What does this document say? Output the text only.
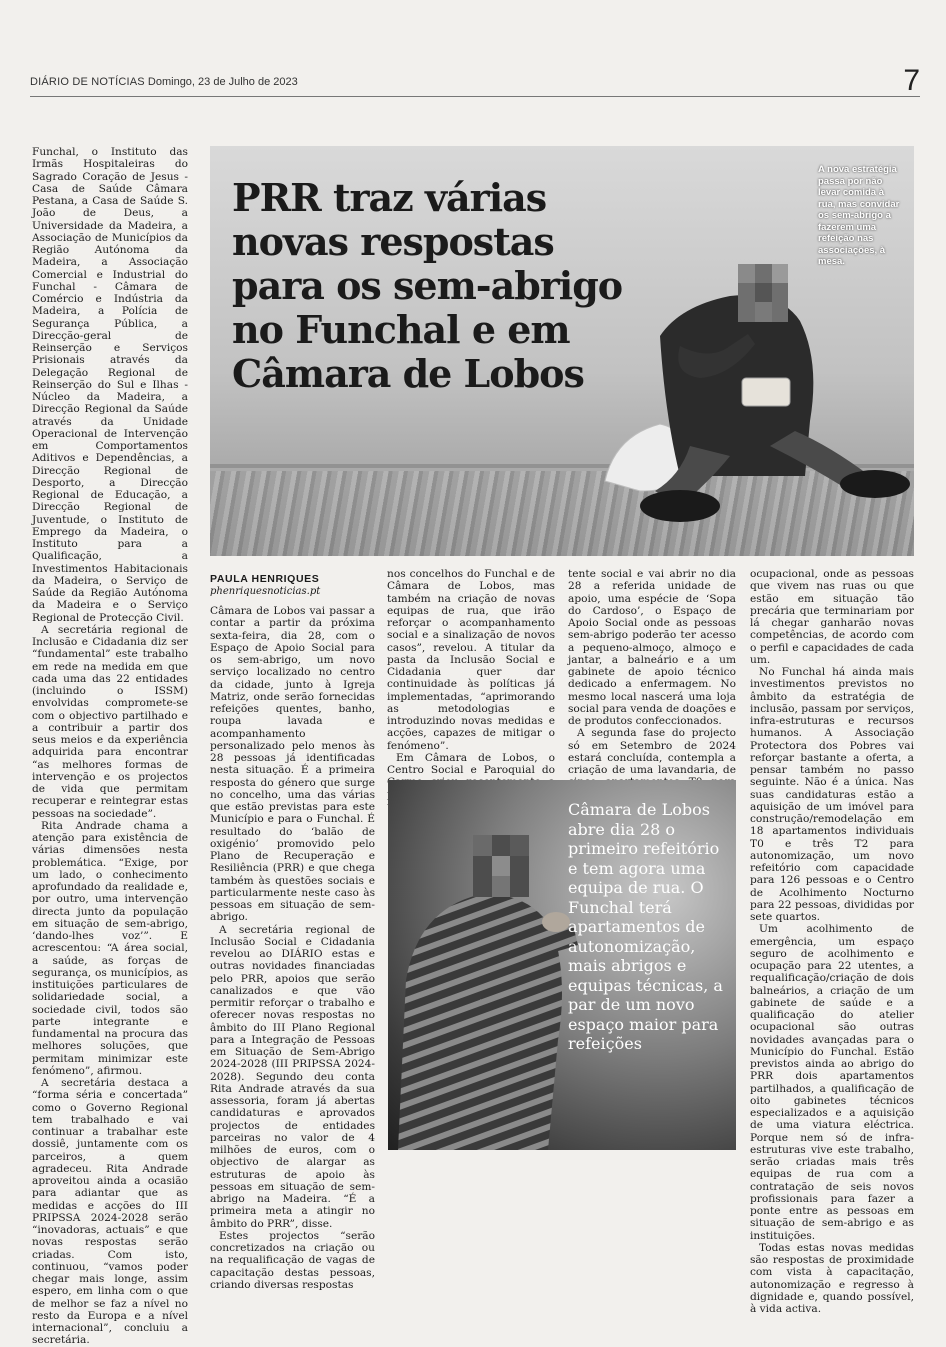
DIÁRIO DE NOTÍCIAS Domingo, 23 de Julho de 2023	7

Funchal, o Instituto das Irmãs Hospitaleiras do Sagrado Coração de Jesus - Casa de Saúde Câmara Pestana, a Casa de Saúde S. João de Deus, a Universidade da Madeira, a Associação de Municípios da Região Autónoma da Madeira, a Associação Comercial e Industrial do Funchal - Câmara de Comércio e Indústria da Madeira, a Polícia de Segurança Pública, a Direcção-geral de Reinserção e Serviços Prisionais através da Delegação Regional de Reinserção do Sul e Ilhas - Núcleo da Madeira, a Direcção Regional da Saúde através da Unidade Operacional de Intervenção em Comportamentos Aditivos e Dependências, a Direcção Regional de Desporto, a Direcção Regional de Educação, a Direcção Regional de Juventude, o Instituto de Emprego da Madeira, o Instituto para a Qualificação, a Investimentos Habitacionais da Madeira, o Serviço de Saúde da Região Autónoma da Madeira e o Serviço Regional de Protecção Civil.

A secretária regional de Inclusão e Cidadania diz ser “fundamental” este trabalho em rede na medida em que cada uma das 22 entidades (incluindo o ISSM) envolvidas compromete-se com o objectivo partilhado e a contribuir a partir dos seus meios e da experiência adquirida para encontrar “as melhores formas de intervenção e os projectos de vida que permitam recuperar e reintegrar estas pessoas na sociedade”.

Rita Andrade chama a atenção para existência de várias dimensões nesta problemática. “Exige, por um lado, o conhecimento aprofundado da realidade e, por outro, uma intervenção directa junto da população em situação de sem-abrigo, ‘dando-lhes voz’”. E acrescentou: “A área social, a saúde, as forças de segurança, os municípios, as instituições particulares de solidariedade social, a sociedade civil, todos são parte integrante e fundamental na procura das melhores soluções, que permitam minimizar este fenómeno”, afirmou.

A secretária destaca a “forma séria e concertada” como o Governo Regional tem trabalhado e vai continuar a trabalhar este dossiê, juntamente com os parceiros, a quem agradeceu. Rita Andrade aproveitou ainda a ocasião para adiantar que as medidas e acções do III PRIPSSA 2024-2028 serão “inovadoras, actuais” e que novas respostas serão criadas. Com isto, continuou, “vamos poder chegar mais longe, assim espero, em linha com o que de melhor se faz a nível no resto da Europa e a nível internacional”, concluiu a secretária.

PRR traz várias
novas respostas
para os sem-abrigo
no Funchal e em
Câmara de Lobos
A nova estratégia passa por não levar comida à rua, mas convidar os sem-abrigo a fazerem uma refeição nas associações, à mesa.
PAULA HENRIQUES
phenriquesnoticias.pt

Câmara de Lobos vai passar a contar a partir da próxima sexta-feira, dia 28, com o Espaço de Apoio Social para os sem-abrigo, um novo serviço localizado no centro da cidade, junto à Igreja Matriz, onde serão fornecidas refeições quentes, banho, roupa lavada e acompanhamento personalizado pelo menos às 28 pessoas já identificadas nesta situação. É a primeira resposta do género que surge no concelho, uma das várias que estão previstas para este Município e para o Funchal. É resultado do ‘balão de oxigénio’ promovido pelo Plano de Recuperação e Resiliência (PRR) e que chega também às questões sociais e particularmente neste caso às pessoas em situação de sem-abrigo.

A secretária regional de Inclusão Social e Cidadania revelou ao DIÁRIO estas e outras novidades financiadas pelo PRR, apoios que serão canalizados e que vão permitir reforçar o trabalho e oferecer novas respostas no âmbito do III Plano Regional para a Integração de Pessoas em Situação de Sem-Abrigo 2024-2028 (III PRIPSSA 2024-2028). Segundo deu conta Rita Andrade através da sua assessoria, foram já abertas candidaturas e aprovados projectos de entidades parceiras no valor de 4 milhões de euros, com o objectivo de alargar as estruturas de apoio às pessoas em situação de sem-abrigo na Madeira. “É a primeira meta a atingir no âmbito do PRR”, disse.

Estes projectos “serão concretizados na criação ou na requalificação de vagas de capacitação destas pessoas, criando diversas respostas

nos concelhos do Funchal e de Câmara de Lobos, mas também na criação de novas equipas de rua, que irão reforçar o acompanhamento social e a sinalização de novos casos”, revelou. A titular da pasta da Inclusão Social e Cidadania quer dar continuidade às políticas já implementadas, “aprimorando as metodologias e introduzindo novas medidas e acções, capazes de mitigar o fenómeno”.

Em Câmara de Lobos, o Centro Social e Paroquial do

tente social e vai abrir no dia 28 a referida unidade de apoio, uma espécie de ‘Sopa do Cardoso’, o Espaço de Apoio Social onde as pessoas sem-abrigo poderão ter acesso a pequeno-almoço, almoço e jantar, a balneário e a um gabinete de apoio técnico dedicado a enfermagem. No mesmo local nascerá uma loja social para venda de doações e de produtos confeccionados.

A segunda fase do projecto só em Setembro de 2024 estará concluída, contempla a criação de uma lavandaria, de

ocupacional, onde as pessoas que vivem nas ruas ou que estão em situação tão precária que terminariam por lá chegar ganharão novas competências, de acordo com o perfil e capacidades de cada um.

No Funchal há ainda mais investimentos previstos no âmbito da estratégia de inclusão, passam por serviços, infra-estruturas e recursos humanos. A Associação Protectora dos Pobres vai reforçar bastante a oferta, a pensar também no passo seguinte. Não é a única. Nas suas candidaturas estão a aquisição de um imóvel para construção/remodelação em 18 apartamentos individuais T0 e três T2 para autonomização, um novo refeitório com capacidade para 126 pessoas e o Centro de Acolhimento Nocturno para 22 pessoas, divididas por sete quartos.

Um acolhimento de emergência, um espaço seguro de acolhimento e ocupação para 22 utentes, a requalificação/criação de dois balneários, a criação de um gabinete de saúde e a qualificação do atelier ocupacional são outras novidades avançadas para o Município do Funchal. Estão previstos ainda ao abrigo do PRR dois apartamentos partilhados, a qualificação de oito gabinetes técnicos especializados e a aquisição de uma viatura eléctrica. Porque nem só de infra-estruturas vive este trabalho, serão criadas mais três equipas de rua com a contratação de seis novos profissionais para fazer a ponte entre as pessoas em situação de sem-abrigo e as instituições.

Todas estas novas medidas são respostas de proximidade com vista à capacitação, autonomização e regresso à dignidade e, quando possível, à vida activa.

Câmara de Lobos abre dia 28 o primeiro refeitório e tem agora uma equipa de rua. O Funchal terá apartamentos de autonomização, mais abrigos e equipas técnicas, a par de um novo espaço maior para refeições
